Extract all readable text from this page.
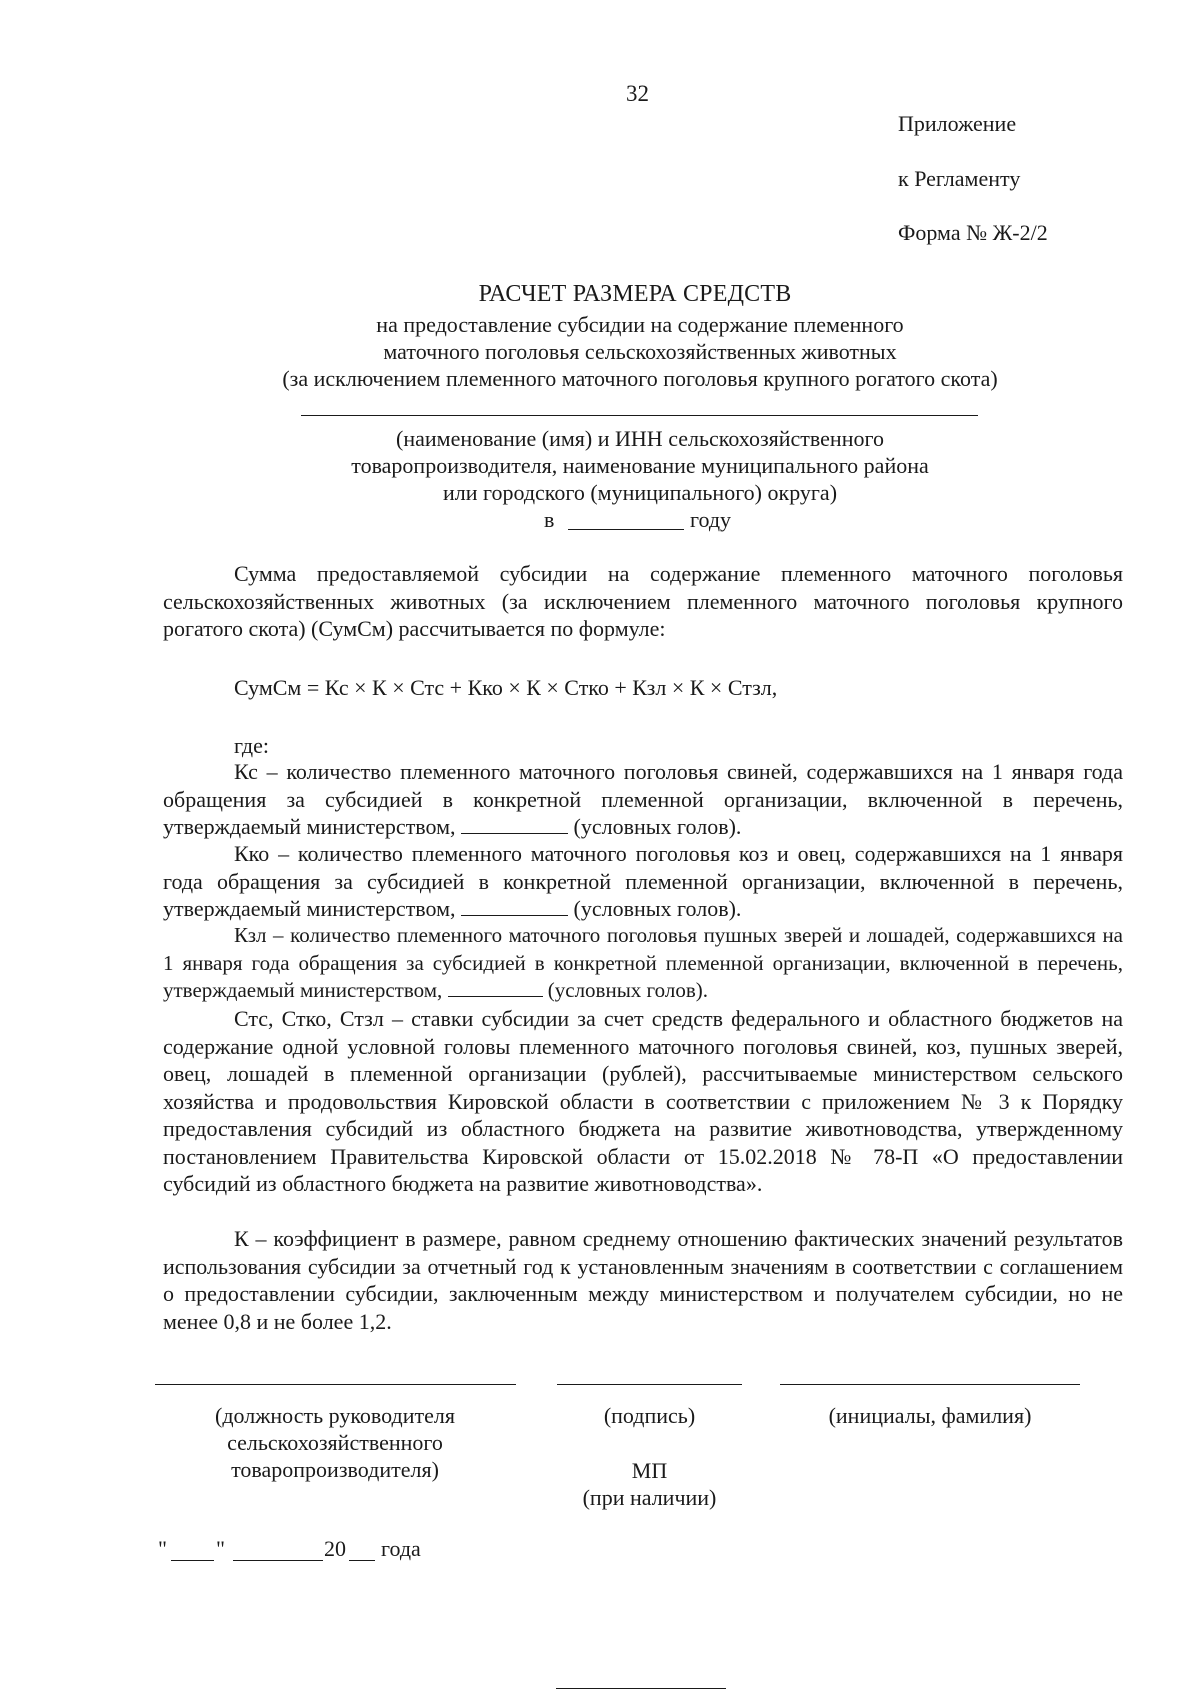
32
Приложение
к Регламенту
Форма № Ж-2/2
РАСЧЕТ РАЗМЕРА СРЕДСТВ
на предоставление субсидии на содержание племенного
маточного поголовья сельскохозяйственных животных
(за исключением племенного маточного поголовья крупного рогатого скота)
(наименование (имя) и ИНН сельскохозяйственного
товаропроизводителя, наименование муниципального района
или городского (муниципального) округа)
в	году
Сумма предоставляемой субсидии на содержание племенного маточного поголовья сельскохозяйственных животных (за исключением племенного маточного поголовья крупного рогатого скота) (СумСм) рассчитывается по формуле:
СумСм = Кс × К × Стс + Кко × К × Стко + Кзл × К × Стзл,
где:
Кс – количество племенного маточного поголовья свиней, содержавшихся на 1 января года обращения за субсидией в конкретной племенной организации, включенной в перечень, утверждаемый министерством,	(условных голов).
Кко – количество племенного маточного поголовья коз и овец, содержавшихся на 1 января года обращения за субсидией в конкретной племенной организации, включенной в перечень, утверждаемый министерством,	(условных голов).
Кзл – количество племенного маточного поголовья пушных зверей и лошадей, содержавшихся на 1 января года обращения за субсидией в конкретной племенной организации, включенной в перечень, утверждаемый министерством,	(условных голов).
Стс, Стко, Стзл – ставки субсидии за счет средств федерального и областного бюджетов на содержание одной условной головы племенного маточного поголовья свиней, коз, пушных зверей, овец, лошадей в племенной организации (рублей), рассчитываемые министерством сельского хозяйства и продовольствия Кировской области в соответствии с приложением № 3 к Порядку предоставления субсидий из областного бюджета на развитие животноводства, утвержденному постановлением Правительства Кировской области от 15.02.2018 № 78-П «О предоставлении субсидий из областного бюджета на развитие животноводства».
К – коэффициент в размере, равном среднему отношению фактических значений результатов использования субсидии за отчетный год к установленным значениям в соответствии с соглашением о предоставлении субсидии, заключенным между министерством и получателем субсидии, но не менее 0,8 и не более 1,2.
(должность руководителя
сельскохозяйственного
товаропроизводителя)
(подпись)	(инициалы, фамилия)
МП
(при наличии)
" "	20 года
